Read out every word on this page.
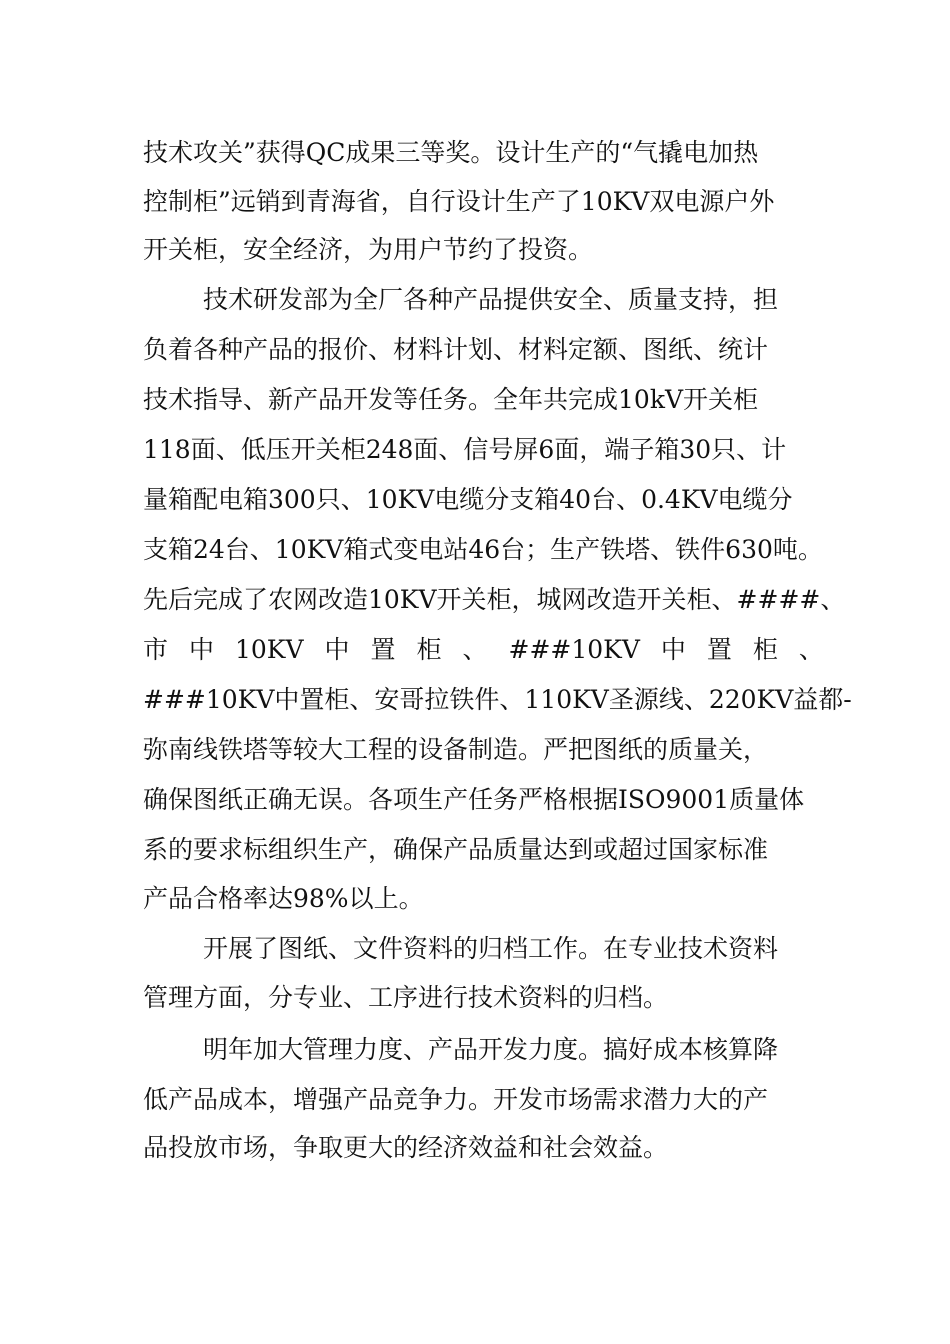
技术攻关”获得QC成果三等奖。设计生产的“气撬电加热
控制柜”远销到青海省，自行设计生产了10KV双电源户外
开关柜，安全经济，为用户节约了投资。
技术研发部为全厂各种产品提供安全、质量支持，担
负着各种产品的报价、材料计划、材料定额、图纸、统计
技术指导、新产品开发等任务。全年共完成10kV开关柜
118面、低压开关柜248面、信号屏6面，端子箱30只、计
量箱配电箱300只、10KV电缆分支箱40台、0.4KV电缆分
支箱24台、10KV箱式变电站46台；生产铁塔、铁件630吨。
先后完成了农网改造10KV开关柜，城网改造开关柜、####、
市 中 10KV 中 置 柜 、 ###10KV 中 置 柜 、
###10KV中置柜、安哥拉铁件、110KV圣源线、220KV益都-
弥南线铁塔等较大工程的设备制造。严把图纸的质量关，
确保图纸正确无误。各项生产任务严格根据ISO9001质量体
系的要求标组织生产，确保产品质量达到或超过国家标准
产品合格率达98%以上。
开展了图纸、文件资料的归档工作。在专业技术资料
管理方面，分专业、工序进行技术资料的归档。
明年加大管理力度、产品开发力度。搞好成本核算降
低产品成本，增强产品竞争力。开发市场需求潜力大的产
品投放市场，争取更大的经济效益和社会效益。
